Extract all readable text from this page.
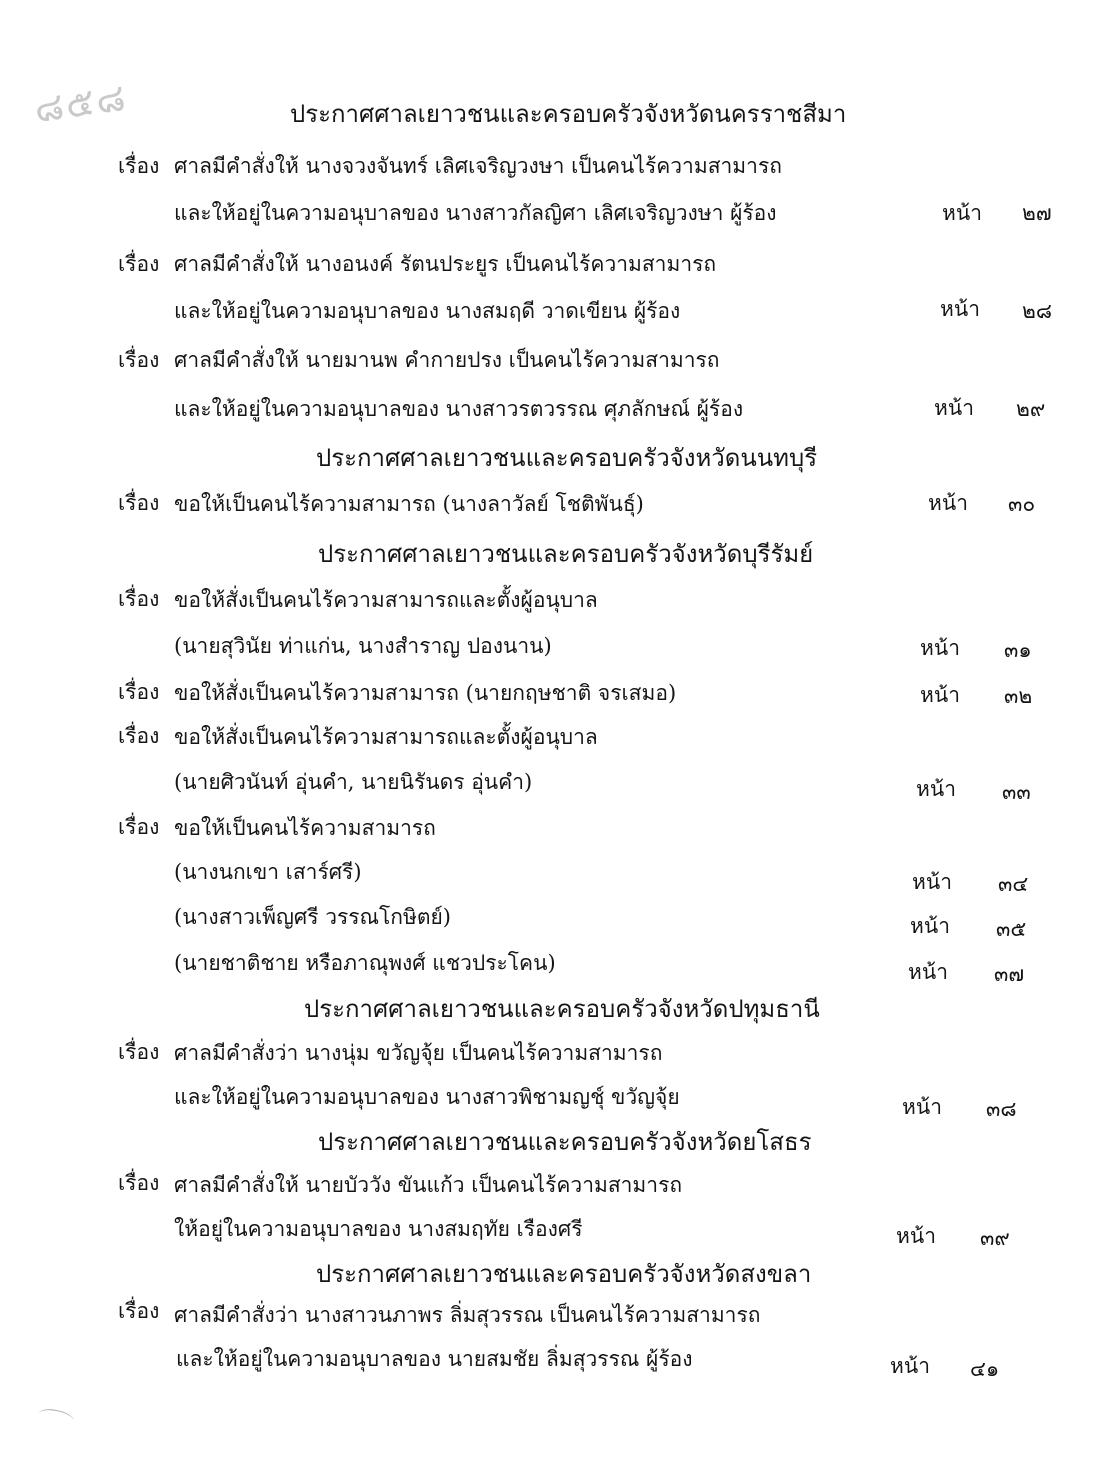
๘๕๘	ประกาศศาลเยาวชนและครอบครัวจังหวัดนครราชสีมา
เรื่อง ศาลมีคำสั่งให้ นางจวงจันทร์ เลิศเจริญวงษา เป็นคนไร้ความสามารถ
และให้อยู่ในความอนุบาลของ นางสาวกัลญิศา เลิศเจริญวงษา ผู้ร้อง	หน้า ๒๗
เรื่อง ศาลมีคำสั่งให้ นางอนงค์ รัตนประยูร เป็นคนไร้ความสามารถ
และให้อยู่ในความอนุบาลของ นางสมฤดี วาดเขียน ผู้ร้อง	หน้า ๒๘
เรื่อง ศาลมีคำสั่งให้ นายมานพ คำกายปรง เป็นคนไร้ความสามารถ
และให้อยู่ในความอนุบาลของ นางสาวรตวรรณ ศุภลักษณ์ ผู้ร้อง	หน้า ๒๙
ประกาศศาลเยาวชนและครอบครัวจังหวัดนนทบุรี
เรื่อง ขอให้เป็นคนไร้ความสามารถ (นางลาวัลย์ โชติพันธุ์)	หน้า ๓๐
ประกาศศาลเยาวชนและครอบครัวจังหวัดบุรีรัมย์
เรื่อง ขอให้สั่งเป็นคนไร้ความสามารถและตั้งผู้อนุบาล
(นายสุวินัย ท่าแก่น, นางสำราญ ปองนาน)	หน้า ๓๑
เรื่อง ขอให้สั่งเป็นคนไร้ความสามารถ (นายกฤษชาติ จรเสมอ)	หน้า ๓๒
เรื่อง ขอให้สั่งเป็นคนไร้ความสามารถและตั้งผู้อนุบาล
(นายศิวนันท์ อุ่นคำ, นายนิรันดร อุ่นคำ)	หน้า ๓๓
เรื่อง ขอให้เป็นคนไร้ความสามารถ
(นางนกเขา เสาร์ศรี)	หน้า ๓๔
(นางสาวเพ็ญศรี วรรณโกษิตย์)	หน้า ๓๕
(นายชาติชาย หรือภาณุพงศ์ แชวประโคน)	หน้า ๓๗
ประกาศศาลเยาวชนและครอบครัวจังหวัดปทุมธานี
เรื่อง ศาลมีคำสั่งว่า นางนุ่ม ขวัญจุ้ย เป็นคนไร้ความสามารถ
และให้อยู่ในความอนุบาลของ นางสาวพิชามญชุ์ ขวัญจุ้ย	หน้า ๓๘
ประกาศศาลเยาวชนและครอบครัวจังหวัดยโสธร
เรื่อง ศาลมีคำสั่งให้ นายบัววัง ขันแก้ว เป็นคนไร้ความสามารถ
ให้อยู่ในความอนุบาลของ นางสมฤทัย เรืองศรี	หน้า ๓๙
ประกาศศาลเยาวชนและครอบครัวจังหวัดสงขลา
เรื่อง ศาลมีคำสั่งว่า นางสาวนภาพร ลิ่มสุวรรณ เป็นคนไร้ความสามารถ
และให้อยู่ในความอนุบาลของ นายสมชัย ลิ่มสุวรรณ ผู้ร้อง	หน้า ๔๑
